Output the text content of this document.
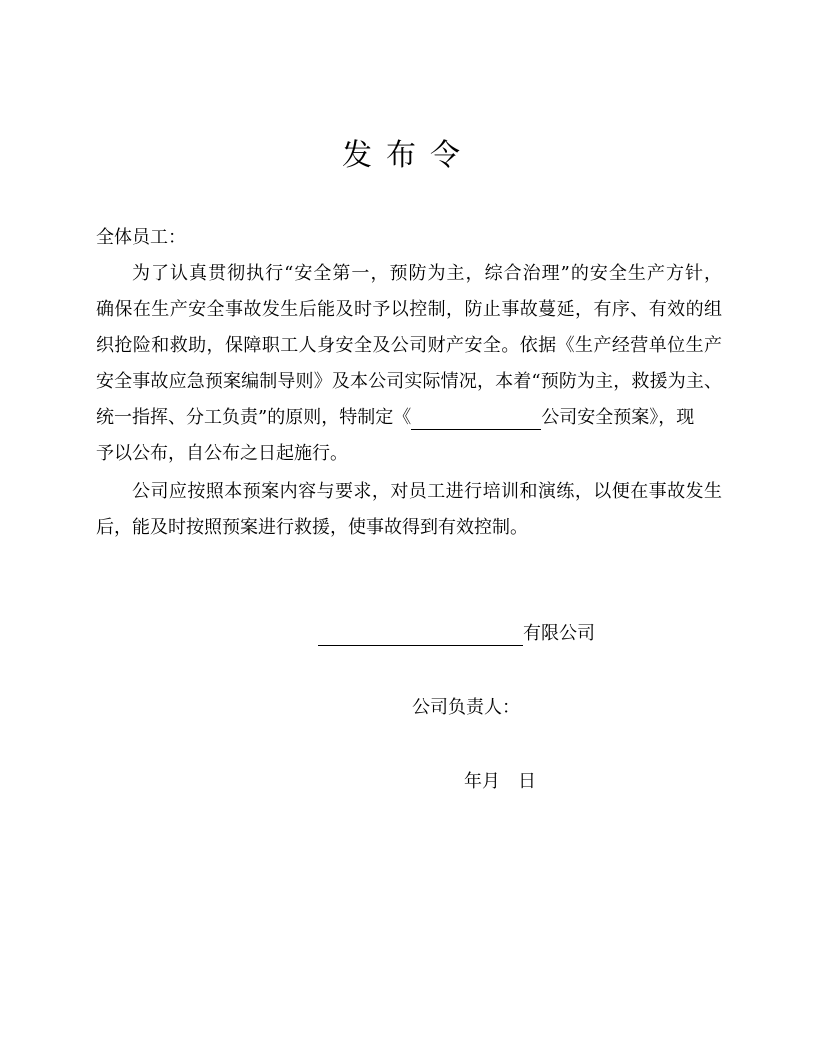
发布令
全体员工：
为了认真贯彻执行“安全第一，预防为主，综合治理”的安全生产方针，
确保在生产安全事故发生后能及时予以控制，防止事故蔓延，有序、有效的组
织抢险和救助，保障职工人身安全及公司财产安全。依据《生产经营单位生产
安全事故应急预案编制导则》及本公司实际情况，本着“预防为主，救援为主、
统一指挥、分工负责”的原则，特制定《	公司安全预案》，现
予以公布，自公布之日起施行。
公司应按照本预案内容与要求，对员工进行培训和演练，以便在事故发生
后，能及时按照预案进行救援，使事故得到有效控制。
有限公司
公司负责人：
年月　日
